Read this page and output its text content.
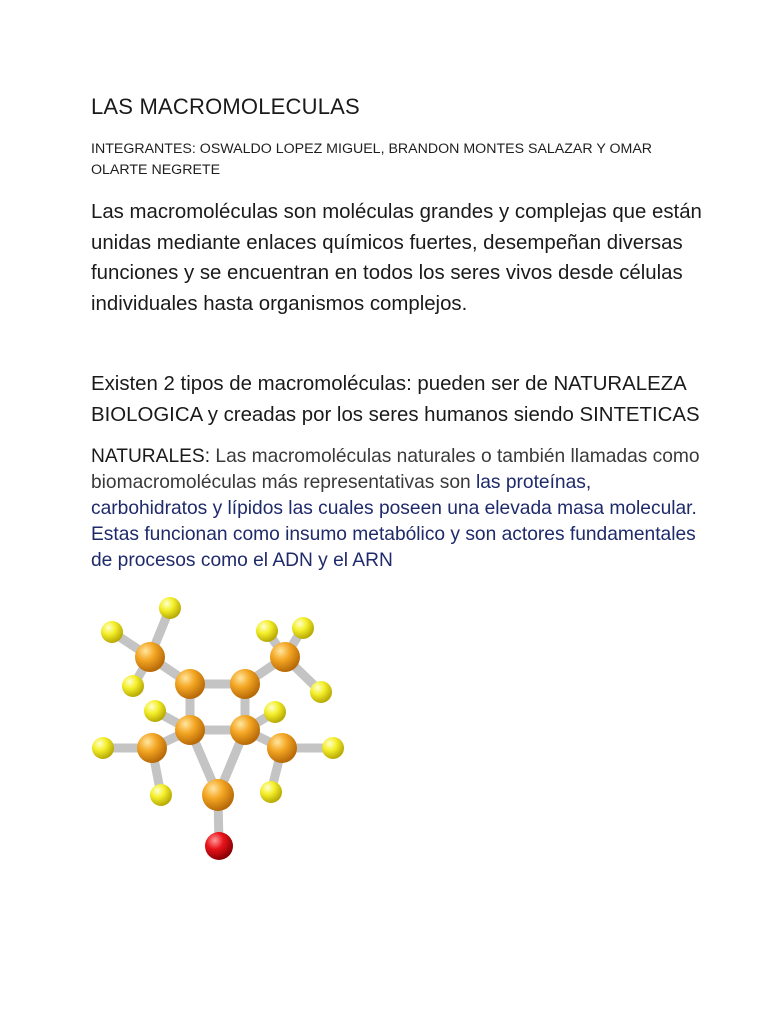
LAS MACROMOLECULAS
INTEGRANTES: OSWALDO LOPEZ MIGUEL, BRANDON MONTES SALAZAR Y OMAR OLARTE NEGRETE
Las macromoléculas son moléculas grandes y complejas que están unidas mediante enlaces químicos fuertes, desempeñan diversas funciones y se encuentran en todos los seres vivos desde células individuales hasta organismos complejos.
Existen 2 tipos de macromoléculas: pueden ser de NATURALEZA BIOLOGICA y creadas por los seres humanos siendo SINTETICAS
NATURALES: Las macromoléculas naturales o también llamadas como biomacromoléculas más representativas son las proteínas, carbohidratos y lípidos las cuales poseen una elevada masa molecular. Estas funcionan como insumo metabólico y son actores fundamentales de procesos como el ADN y el ARN
